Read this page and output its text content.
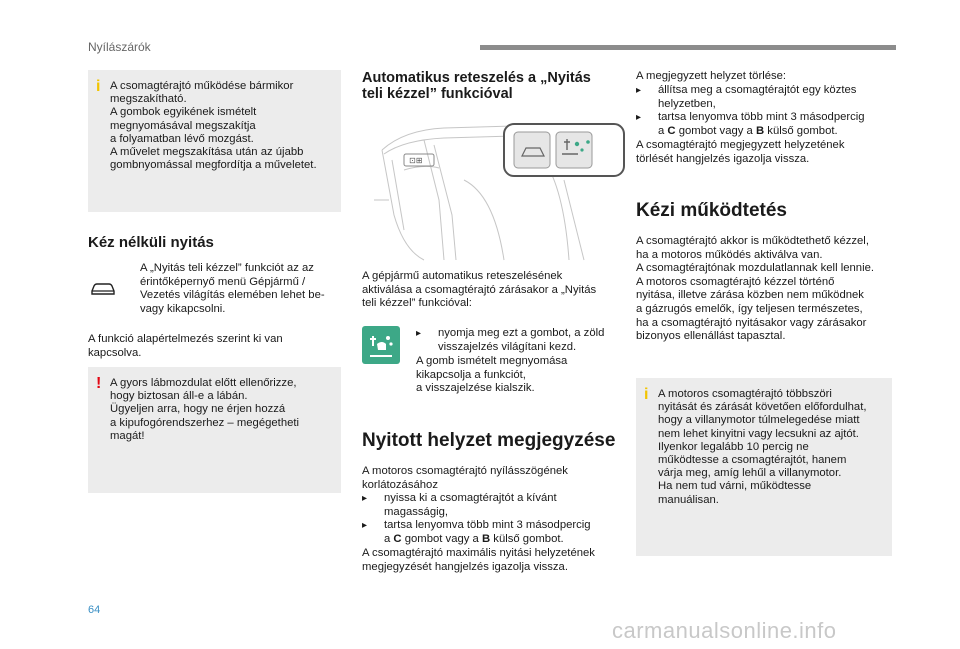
Nyílászárók
i A csomagtérajtó működése bármikor
megszakítható.
A gombok egyikének ismételt
megnyomásával megszakítja
a folyamatban lévő mozgást.
A művelet megszakítása után az újabb
gombnyomással megfordítja a műveletet.
Kéz nélküli nyitás
A „Nyitás teli kézzel” funkciót az az
érintőképernyő menü Gépjármű /
Vezetés világítás elemében lehet be-
vagy kikapcsolni.
A funkció alapértelmezés szerint ki van
kapcsolva.
! A gyors lábmozdulat előtt ellenőrizze,
hogy biztosan áll-e a lábán.
Ügyeljen arra, hogy ne érjen hozzá
a kipufogórendszerhez – megégetheti
magát!
Automatikus reteszelés a „Nyitás
teli kézzel” funkcióval
⊡⊞
A gépjármű automatikus reteszelésének
aktiválása a csomagtérajtó zárásakor a „Nyitás
teli kézzel” funkcióval:
▸ nyomja meg ezt a gombot, a zöld
visszajelzés világítani kezd.
A gomb ismételt megnyomása
kikapcsolja a funkciót,
a visszajelzése kialszik.
Nyitott helyzet megjegyzése
A motoros csomagtérajtó nyílásszögének
korlátozásához
▸ nyissa ki a csomagtérajtót a kívánt
magasságig,
▸ tartsa lenyomva több mint 3 másodpercig
a C gombot vagy a B külső gombot.
A csomagtérajtó maximális nyitási helyzetének
megjegyzését hangjelzés igazolja vissza.
A megjegyzett helyzet törlése:
▸ állítsa meg a csomagtérajtót egy köztes
helyzetben,
▸ tartsa lenyomva több mint 3 másodpercig
a C gombot vagy a B külső gombot.
A csomagtérajtó megjegyzett helyzetének
törlését hangjelzés igazolja vissza.
Kézi működtetés
A csomagtérajtó akkor is működtethető kézzel,
ha a motoros működés aktiválva van.
A csomagtérajtónak mozdulatlannak kell lennie.
A motoros csomagtérajtó kézzel történő
nyitása, illetve zárása közben nem működnek
a gázrugós emelők, így teljesen természetes,
ha a csomagtérajtó nyitásakor vagy zárásakor
bizonyos ellenállást tapasztal.
i A motoros csomagtérajtó többszöri
nyitását és zárását követően előfordulhat,
hogy a villanymotor túlmelegedése miatt
nem lehet kinyitni vagy lecsukni az ajtót.
Ilyenkor legalább 10 percig ne
működtesse a csomagtérajtót, hanem
várja meg, amíg lehűl a villanymotor.
Ha nem tud várni, működtesse
manuálisan.
64
carmanualsonline.info
